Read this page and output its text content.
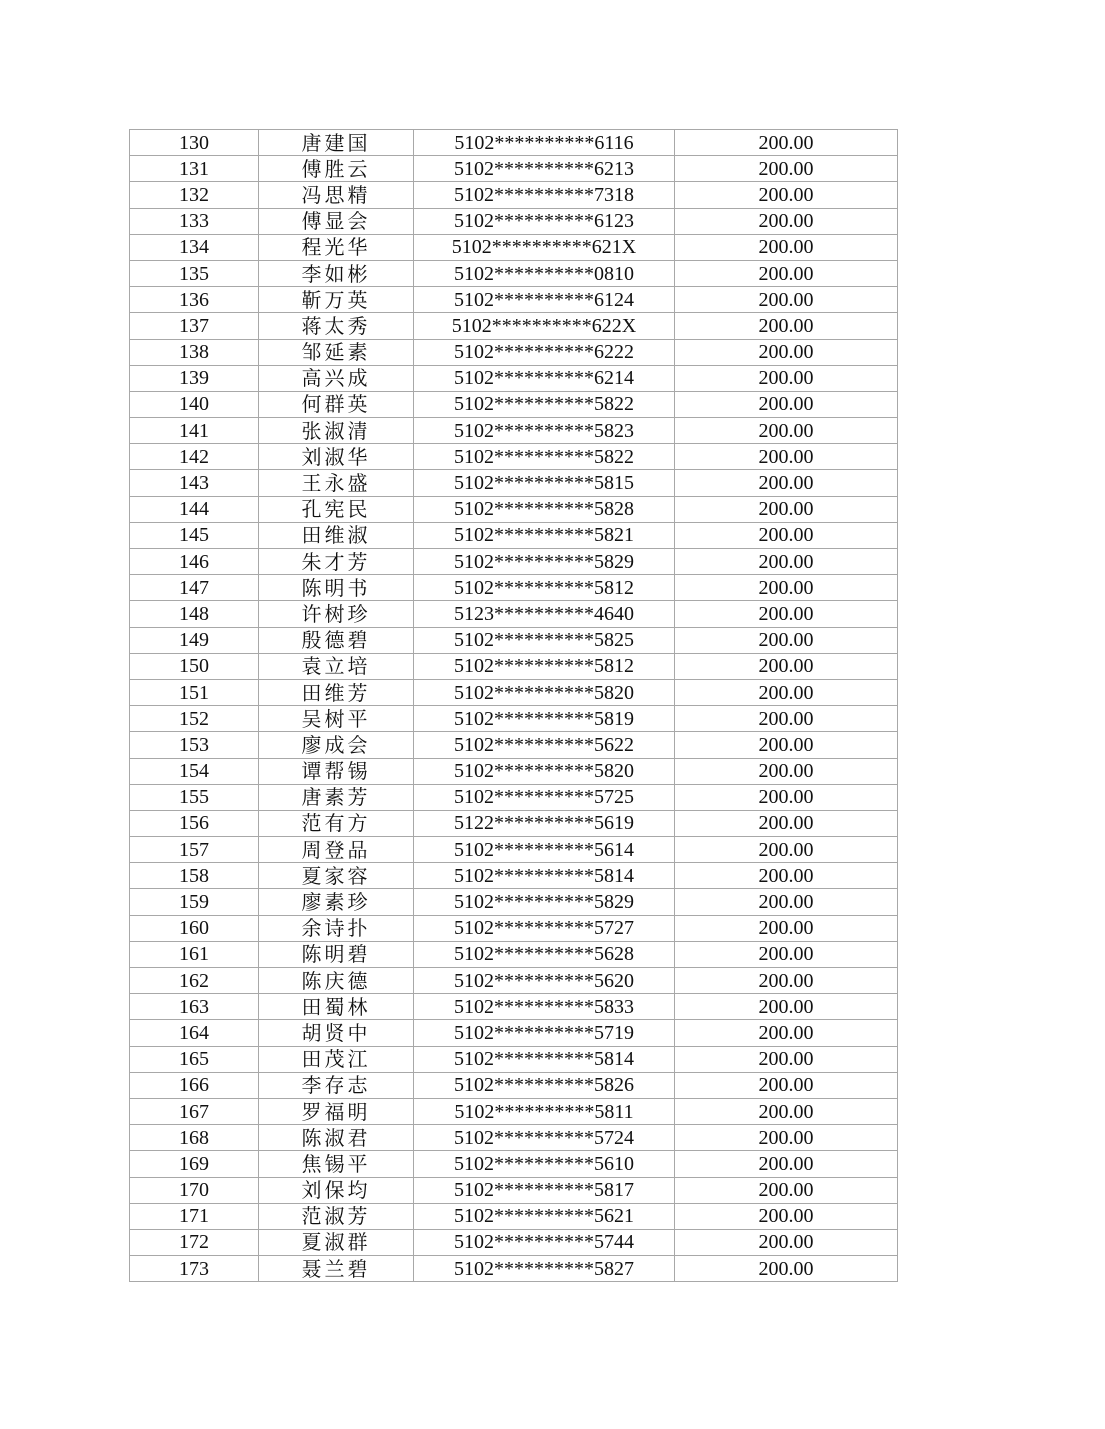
130	唐建国	5102**********6116	200.00
131	傅胜云	5102**********6213	200.00
132	冯思精	5102**********7318	200.00
133	傅显会	5102**********6123	200.00
134	程光华	5102**********621X	200.00
135	李如彬	5102**********0810	200.00
136	靳万英	5102**********6124	200.00
137	蒋太秀	5102**********622X	200.00
138	邹延素	5102**********6222	200.00
139	高兴成	5102**********6214	200.00
140	何群英	5102**********5822	200.00
141	张淑清	5102**********5823	200.00
142	刘淑华	5102**********5822	200.00
143	王永盛	5102**********5815	200.00
144	孔宪民	5102**********5828	200.00
145	田维淑	5102**********5821	200.00
146	朱才芳	5102**********5829	200.00
147	陈明书	5102**********5812	200.00
148	许树珍	5123**********4640	200.00
149	殷德碧	5102**********5825	200.00
150	袁立培	5102**********5812	200.00
151	田维芳	5102**********5820	200.00
152	吴树平	5102**********5819	200.00
153	廖成会	5102**********5622	200.00
154	谭帮锡	5102**********5820	200.00
155	唐素芳	5102**********5725	200.00
156	范有方	5122**********5619	200.00
157	周登品	5102**********5614	200.00
158	夏家容	5102**********5814	200.00
159	廖素珍	5102**********5829	200.00
160	余诗扑	5102**********5727	200.00
161	陈明碧	5102**********5628	200.00
162	陈庆德	5102**********5620	200.00
163	田蜀林	5102**********5833	200.00
164	胡贤中	5102**********5719	200.00
165	田茂江	5102**********5814	200.00
166	李存志	5102**********5826	200.00
167	罗福明	5102**********5811	200.00
168	陈淑君	5102**********5724	200.00
169	焦锡平	5102**********5610	200.00
170	刘保均	5102**********5817	200.00
171	范淑芳	5102**********5621	200.00
172	夏淑群	5102**********5744	200.00
173	聂兰碧	5102**********5827	200.00
